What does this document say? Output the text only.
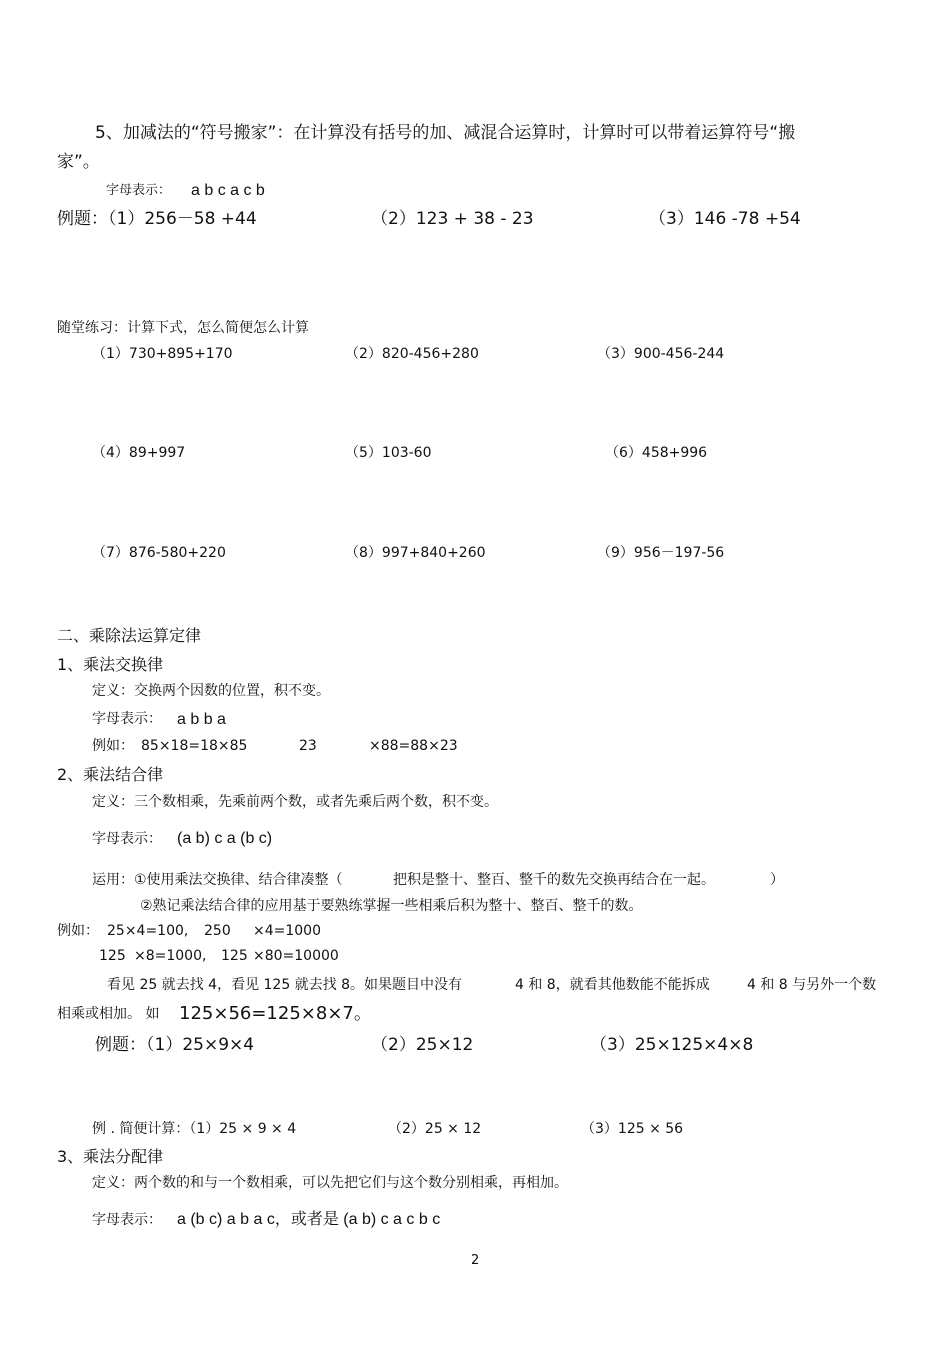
5、加减法的“符号搬家”：在计算没有括号的加、减混合运算时，计算时可以带着运算符号“搬
家”。
字母表示： a b c a c b
例题：（1）256－58 +44	（2）123 + 38 - 23	（3）146 -78 +54
随堂练习：计算下式，怎么简便怎么计算
（1）730+895+170	（2）820-456+280	（3）900-456-244
（4）89+997	（5）103-60	（6）458+996
（7）876-580+220	（8）997+840+260	（9）956－197-56
二、乘除法运算定律
1、乘法交换律
定义：交换两个因数的位置，积不变。
字母表示： a b b a
例如： 85×18=18×85	23	×88=88×23
2、乘法结合律
定义：三个数相乘，先乘前两个数，或者先乘后两个数，积不变。
字母表示： (a b) c a (b c)
运用：①使用乘法交换律、结合律凑整（	把积是整十、整百、整千的数先交换再结合在一起。	）
②熟记乘法结合律的应用基于要熟练掌握一些相乘后积为整十、整百、整千的数。
例如： 25×4=100, 250 ×4=1000
125 ×8=1000, 125 ×80=10000
看见 25 就去找 4，看见 125 就去找 8。如果题目中没有	4 和 8，就看其他数能不能拆成	4 和 8 与另外一个数
相乘或相加。 如 125×56=125×8×7。
例题：（1）25×9×4	（2）25×12	（3）25×125×4×8
例 . 简便计算：（1）25 × 9 × 4	（2）25 × 12	（3）125 × 56
3、乘法分配律
定义：两个数的和与一个数相乘，可以先把它们与这个数分别相乘，再相加。
字母表示： a (b c) a b a c，或者是 (a b) c a c b c
2
